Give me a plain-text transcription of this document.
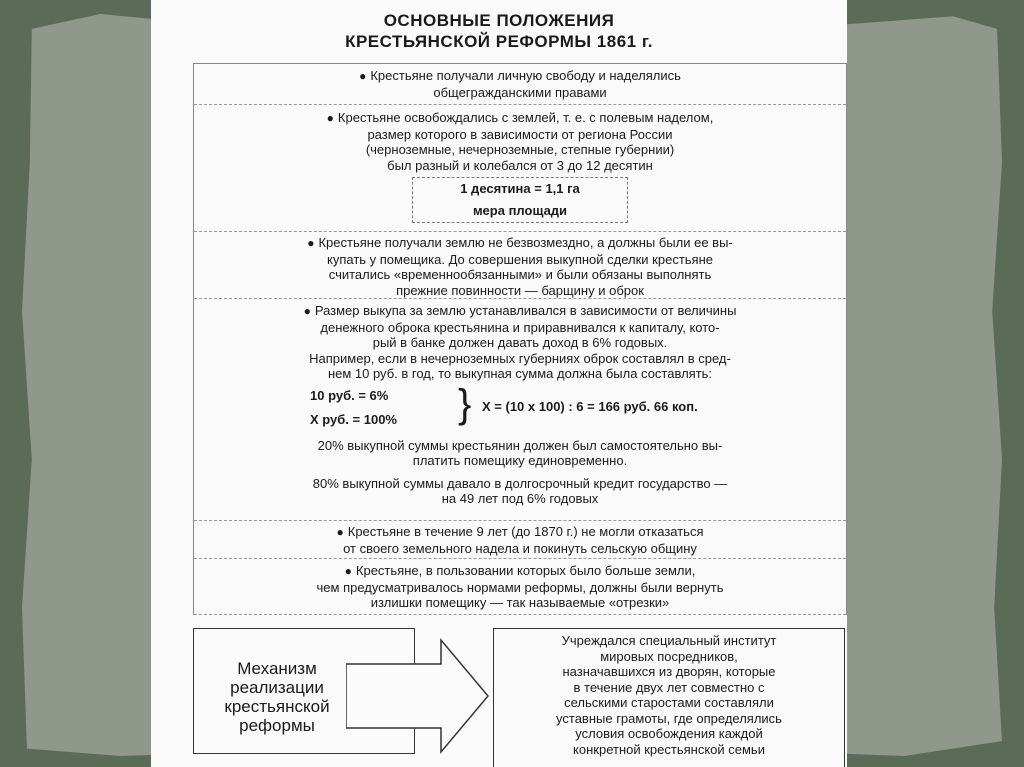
ОСНОВНЫЕ ПОЛОЖЕНИЯ
КРЕСТЬЯНСКОЙ РЕФОРМЫ 1861 г.

● Крестьяне получали личную свободу и наделялись

общегражданскими правами

● Крестьяне освобождались с землей, т. е. с полевым наделом,

размер которого в зависимости от региона России

(черноземные, нечерноземные, степные губернии)

был разный и колебался от 3 до 12 десятин

1 десятина = 1,1 га
мера площади

● Крестьяне получали землю не безвозмездно, а должны были ее вы-

купать у помещика. До совершения выкупной сделки крестьяне

считались «временнообязанными» и были обязаны выполнять

прежние повинности — барщину и оброк

● Размер выкупа за землю устанавливался в зависимости от величины

денежного оброка крестьянина и приравнивался к капиталу, кото-

рый в банке должен давать доход в 6% годовых.

Например, если в нечерноземных губерниях оброк составлял в сред-

нем 10 руб. в год, то выкупная сумма должна была составлять:

10 руб. = 6%
Х руб. = 100% } Х = (10 х 100) : 6 = 166 руб. 66 коп.

20% выкупной суммы крестьянин должен был самостоятельно вы-

платить помещику единовременно.

80% выкупной суммы давало в долгосрочный кредит государство —

на 49 лет под 6% годовых

● Крестьяне в течение 9 лет (до 1870 г.) не могли отказаться

от своего земельного надела и покинуть сельскую общину

● Крестьяне, в пользовании которых было больше земли,

чем предусматривалось нормами реформы, должны были вернуть

излишки помещику — так называемые «отрезки»

Механизм
реализации
крестьянской
реформы
Учреждался специальный институт
мировых посредников,
назначавшихся из дворян, которые
в течение двух лет совместно с
сельскими старостами составляли
уставные грамоты, где определялись
условия освобождения каждой
конкретной крестьянской семьи
